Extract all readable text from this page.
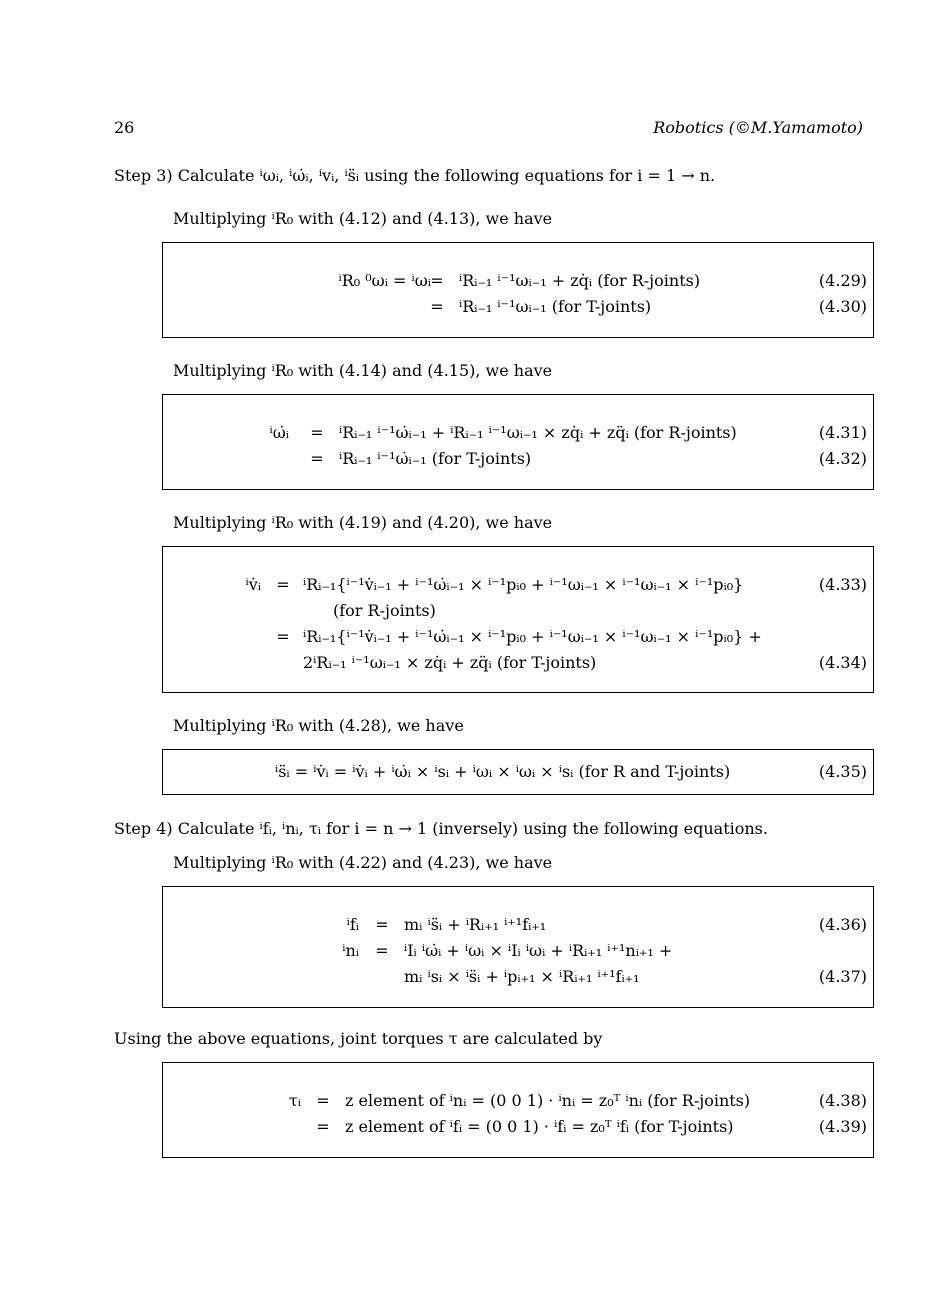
26	Robotics (©M.Yamamoto)
Step 3) Calculate ⁱωᵢ, ⁱω̇ᵢ, ⁱvᵢ, ⁱs̈ᵢ using the following equations for i = 1 → n.
Multiplying ⁱR₀ with (4.12) and (4.13), we have
ⁱR₀ ⁰ωᵢ = ⁱωᵢ = ⁱRᵢ₋₁ ⁱ⁻¹ωᵢ₋₁ + zq̇ᵢ (for R-joints)	(4.29)
= ⁱRᵢ₋₁ ⁱ⁻¹ωᵢ₋₁ (for T-joints)	(4.30)
Multiplying ⁱR₀ with (4.14) and (4.15), we have
ⁱω̇ᵢ	= ⁱRᵢ₋₁ ⁱ⁻¹ω̇ᵢ₋₁ + ⁱRᵢ₋₁ ⁱ⁻¹ωᵢ₋₁ × zq̇ᵢ + zq̈ᵢ (for R-joints)	(4.31)
= ⁱRᵢ₋₁ ⁱ⁻¹ω̇ᵢ₋₁ (for T-joints)	(4.32)
Multiplying ⁱR₀ with (4.19) and (4.20), we have
ⁱv̇ᵢ = ⁱRᵢ₋₁{ⁱ⁻¹v̇ᵢ₋₁ + ⁱ⁻¹ω̇ᵢ₋₁ × ⁱ⁻¹pᵢ₀ + ⁱ⁻¹ωᵢ₋₁ × ⁱ⁻¹ωᵢ₋₁ × ⁱ⁻¹pᵢ₀}	(4.33)
(for R-joints)
= ⁱRᵢ₋₁{ⁱ⁻¹v̇ᵢ₋₁ + ⁱ⁻¹ω̇ᵢ₋₁ × ⁱ⁻¹pᵢ₀ + ⁱ⁻¹ωᵢ₋₁ × ⁱ⁻¹ωᵢ₋₁ × ⁱ⁻¹pᵢ₀} +
2ⁱRᵢ₋₁ ⁱ⁻¹ωᵢ₋₁ × zq̇ᵢ + zq̈ᵢ (for T-joints)	(4.34)
Multiplying ⁱR₀ with (4.28), we have
ⁱs̈ᵢ = ⁱv̇ᵢ = ⁱv̇ᵢ + ⁱω̇ᵢ × ⁱsᵢ + ⁱωᵢ × ⁱωᵢ × ⁱsᵢ (for R and T-joints)	(4.35)
Step 4) Calculate ⁱfᵢ, ⁱnᵢ, τᵢ for i = n → 1 (inversely) using the following equations.
Multiplying ⁱR₀ with (4.22) and (4.23), we have
ⁱfᵢ	= mᵢ ⁱs̈ᵢ + ⁱRᵢ₊₁ ⁱ⁺¹fᵢ₊₁	(4.36)
ⁱnᵢ	= ⁱIᵢ ⁱω̇ᵢ + ⁱωᵢ × ⁱIᵢ ⁱωᵢ + ⁱRᵢ₊₁ ⁱ⁺¹nᵢ₊₁ +
mᵢ ⁱsᵢ × ⁱs̈ᵢ + ⁱpᵢ₊₁ × ⁱRᵢ₊₁ ⁱ⁺¹fᵢ₊₁	(4.37)
Using the above equations, joint torques τ are calculated by
τᵢ = z element of ⁱnᵢ = (0 0 1) · ⁱnᵢ = z₀ᵀ ⁱnᵢ (for R-joints)	(4.38)
= z element of ⁱfᵢ = (0 0 1) · ⁱfᵢ = z₀ᵀ ⁱfᵢ (for T-joints)	(4.39)
